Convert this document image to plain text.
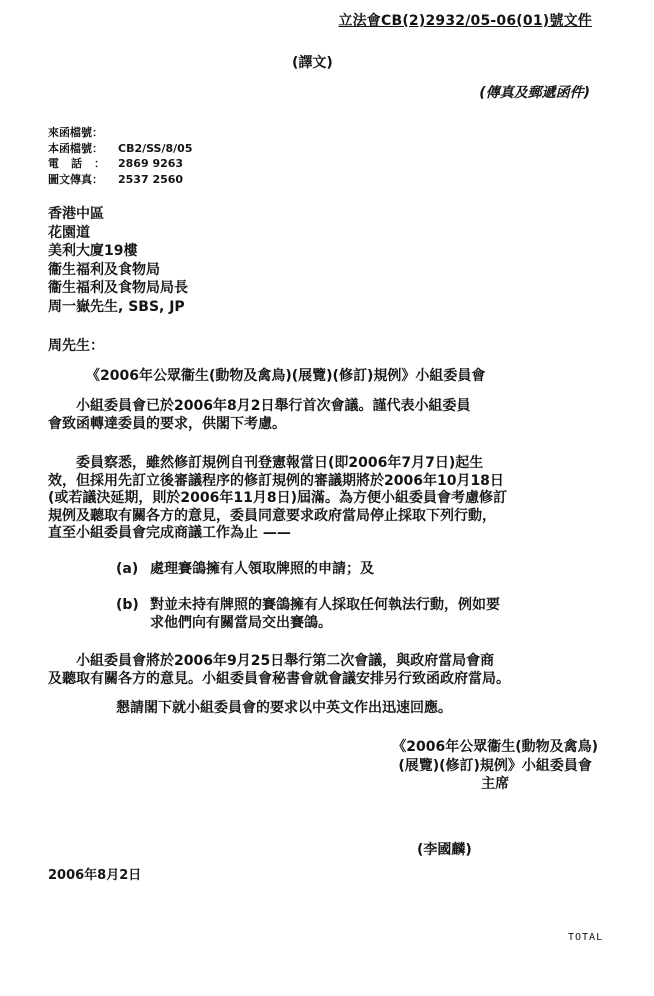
立法會CB(2)2932/05-06(01)號文件
(譯文)
(傳真及郵遞函件)
來函檔號：
本函檔號：	CB2/SS/8/05
電話： 2869 9263
圖文傳真：	2537 2560
香港中區
花園道
美利大廈19樓
衞生福利及食物局
衞生福利及食物局局長
周一嶽先生, SBS, JP
周先生：
《2006年公眾衞生(動物及禽鳥)(展覽)(修訂)規例》小組委員會
　　小組委員會已於2006年8月2日舉行首次會議。謹代表小組委員
會致函轉達委員的要求，供閣下考慮。
　　委員察悉，雖然修訂規例自刊登憲報當日(即2006年7月7日)起生
效，但採用先訂立後審議程序的修訂規例的審議期將於2006年10月18日
(或若議決延期，則於2006年11月8日)屆滿。為方便小組委員會考慮修訂
規例及聽取有關各方的意見，委員同意要求政府當局停止採取下列行動，
直至小組委員會完成商議工作為止 ——
(a) 處理賽鴿擁有人領取牌照的申請；及
(b) 對並未持有牌照的賽鴿擁有人採取任何執法行動，例如要
求他們向有關當局交出賽鴿。
　　小組委員會將於2006年9月25日舉行第二次會議，與政府當局會商
及聽取有關各方的意見。小組委員會秘書會就會議安排另行致函政府當局。
懇請閣下就小組委員會的要求以中英文作出迅速回應。
《2006年公眾衞生(動物及禽鳥)
(展覽)(修訂)規例》小組委員會
主席
(李國麟)
2006年8月2日
TOTAL
